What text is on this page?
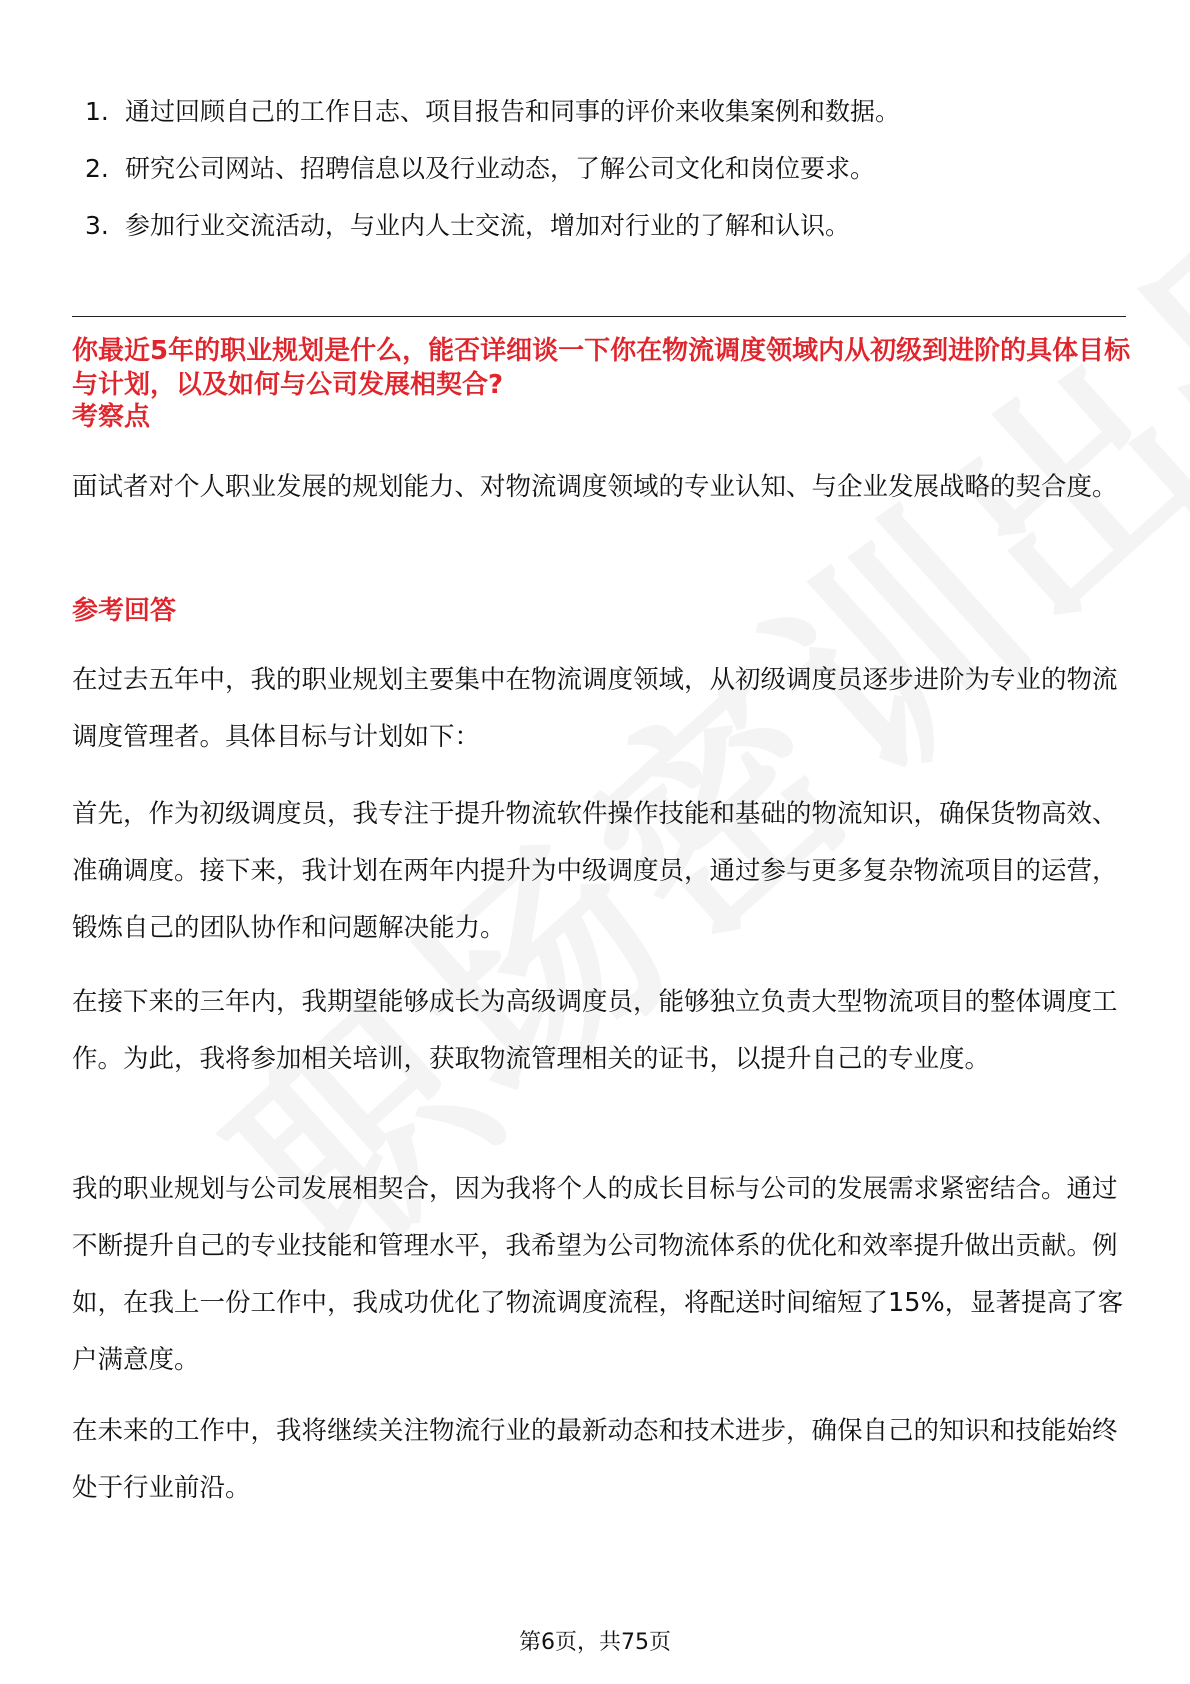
1. 通过回顾自己的工作日志、项目报告和同事的评价来收集案例和数据。
2. 研究公司网站、招聘信息以及行业动态，了解公司文化和岗位要求。
3. 参加行业交流活动，与业内人士交流，增加对行业的了解和认识。
你最近5年的职业规划是什么，能否详细谈一下你在物流调度领域内从初级到进阶的具体目标与计划，以及如何与公司发展相契合?
考察点

面试者对个人职业发展的规划能力、对物流调度领域的专业认知、与企业发展战略的契合度。

参考回答

在过去五年中，我的职业规划主要集中在物流调度领域，从初级调度员逐步进阶为专业的物流调度管理者。具体目标与计划如下：

首先，作为初级调度员，我专注于提升物流软件操作技能和基础的物流知识，确保货物高效、准确调度。接下来，我计划在两年内提升为中级调度员，通过参与更多复杂物流项目的运营，锻炼自己的团队协作和问题解决能力。

在接下来的三年内，我期望能够成长为高级调度员，能够独立负责大型物流项目的整体调度工作。为此，我将参加相关培训，获取物流管理相关的证书，以提升自己的专业度。

我的职业规划与公司发展相契合，因为我将个人的成长目标与公司的发展需求紧密结合。通过不断提升自己的专业技能和管理水平，我希望为公司物流体系的优化和效率提升做出贡献。例如，在我上一份工作中，我成功优化了物流调度流程，将配送时间缩短了15%，显著提高了客户满意度。

在未来的工作中，我将继续关注物流行业的最新动态和技术进步，确保自己的知识和技能始终处于行业前沿。

第6页，共75页
